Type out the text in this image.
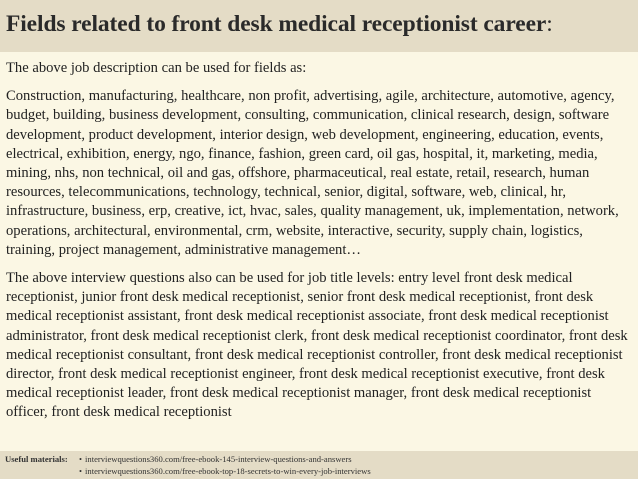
Fields related to front desk medical receptionist career:

The above job description can be used for fields as:

Construction, manufacturing, healthcare, non profit, advertising, agile, architecture, automotive, agency, budget, building, business development, consulting, communication, clinical research, design, software development, product development, interior design, web development, engineering, education, events, electrical, exhibition, energy, ngo, finance, fashion, green card, oil gas, hospital, it, marketing, media, mining, nhs, non technical, oil and gas, offshore, pharmaceutical, real estate, retail, research, human resources, telecommunications, technology, technical, senior, digital, software, web, clinical, hr, infrastructure, business, erp, creative, ict, hvac, sales, quality management, uk, implementation, network, operations, architectural, environmental, crm, website, interactive, security, supply chain, logistics, training, project management, administrative management…

The above interview questions also can be used for job title levels: entry level front desk medical receptionist, junior front desk medical receptionist, senior front desk medical receptionist, front desk medical receptionist assistant, front desk medical receptionist associate, front desk medical receptionist administrator, front desk medical receptionist clerk, front desk medical receptionist coordinator, front desk medical receptionist consultant, front desk medical receptionist controller, front desk medical receptionist director, front desk medical receptionist engineer, front desk medical receptionist executive, front desk medical receptionist leader, front desk medical receptionist manager, front desk medical receptionist officer, front desk medical receptionist

Useful materials:	• interviewquestions360.com/free-ebook-145-interview-questions-and-answers
• interviewquestions360.com/free-ebook-top-18-secrets-to-win-every-job-interviews
